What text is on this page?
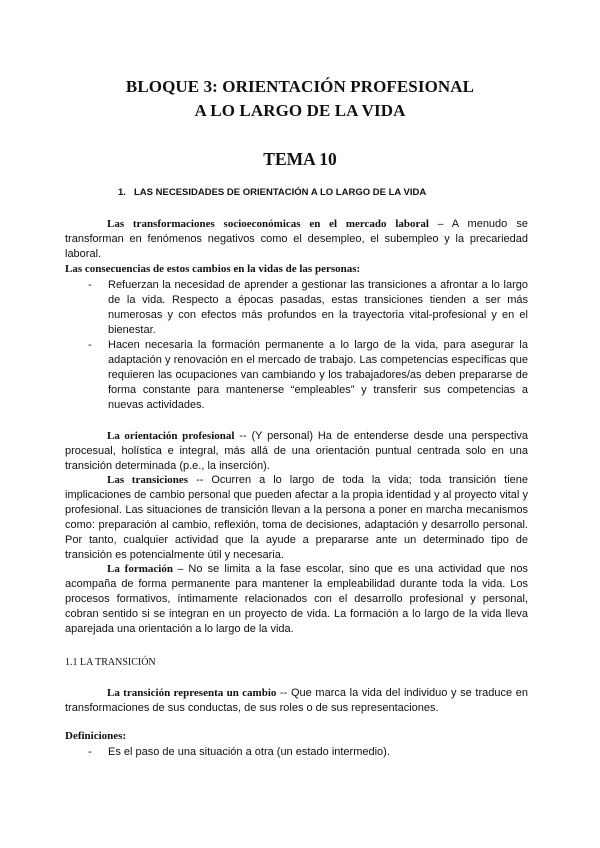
BLOQUE 3: ORIENTACIÓN PROFESIONAL
A LO LARGO DE LA VIDA
TEMA 10
1. LAS NECESIDADES DE ORIENTACIÓN A LO LARGO DE LA VIDA
Las transformaciones socioeconómicas en el mercado laboral – A menudo se transforman en fenómenos negativos como el desempleo, el subempleo y la precariedad laboral.
Las consecuencias de estos cambios en la vidas de las personas:
- Refuerzan la necesidad de aprender a gestionar las transiciones a afrontar a lo largo de la vida. Respecto a épocas pasadas, estas transiciones tienden a ser más numerosas y con efectos más profundos en la trayectoria vital-profesional y en el bienestar.
- Hacen necesaria la formación permanente a lo largo de la vida, para asegurar la adaptación y renovación en el mercado de trabajo. Las competencias específicas que requieren las ocupaciones van cambiando y los trabajadores/as deben prepararse de forma constante para mantenerse “empleables” y transferir sus competencias a nuevas actividades.
La orientación profesional -- (Y personal) Ha de entenderse desde una perspectiva procesual, holística e integral, más allá de una orientación puntual centrada solo en una transición determinada (p.e., la inserción).
Las transiciones -- Ocurren a lo largo de toda la vida; toda transición tiene implicaciones de cambio personal que pueden afectar a la propia identidad y al proyecto vital y profesional. Las situaciones de transición llevan a la persona a poner en marcha mecanismos como: preparación al cambio, reflexión, toma de decisiones, adaptación y desarrollo personal. Por tanto, cualquier actividad que la ayude a prepararse ante un determinado tipo de transición es potencialmente útil y necesaria.
La formación – No se limita a la fase escolar, sino que es una actividad que nos acompaña de forma permanente para mantener la empleabilidad durante toda la vida. Los procesos formativos, íntimamente relacionados con el desarrollo profesional y personal, cobran sentido si se integran en un proyecto de vida. La formación a lo largo de la vida lleva aparejada una orientación a lo largo de la vida.
1.1 LA TRANSICIÓN
La transición representa un cambio -- Que marca la vida del individuo y se traduce en transformaciones de sus conductas, de sus roles o de sus representaciones.
Definiciones:
- Es el paso de una situación a otra (un estado intermedio).
